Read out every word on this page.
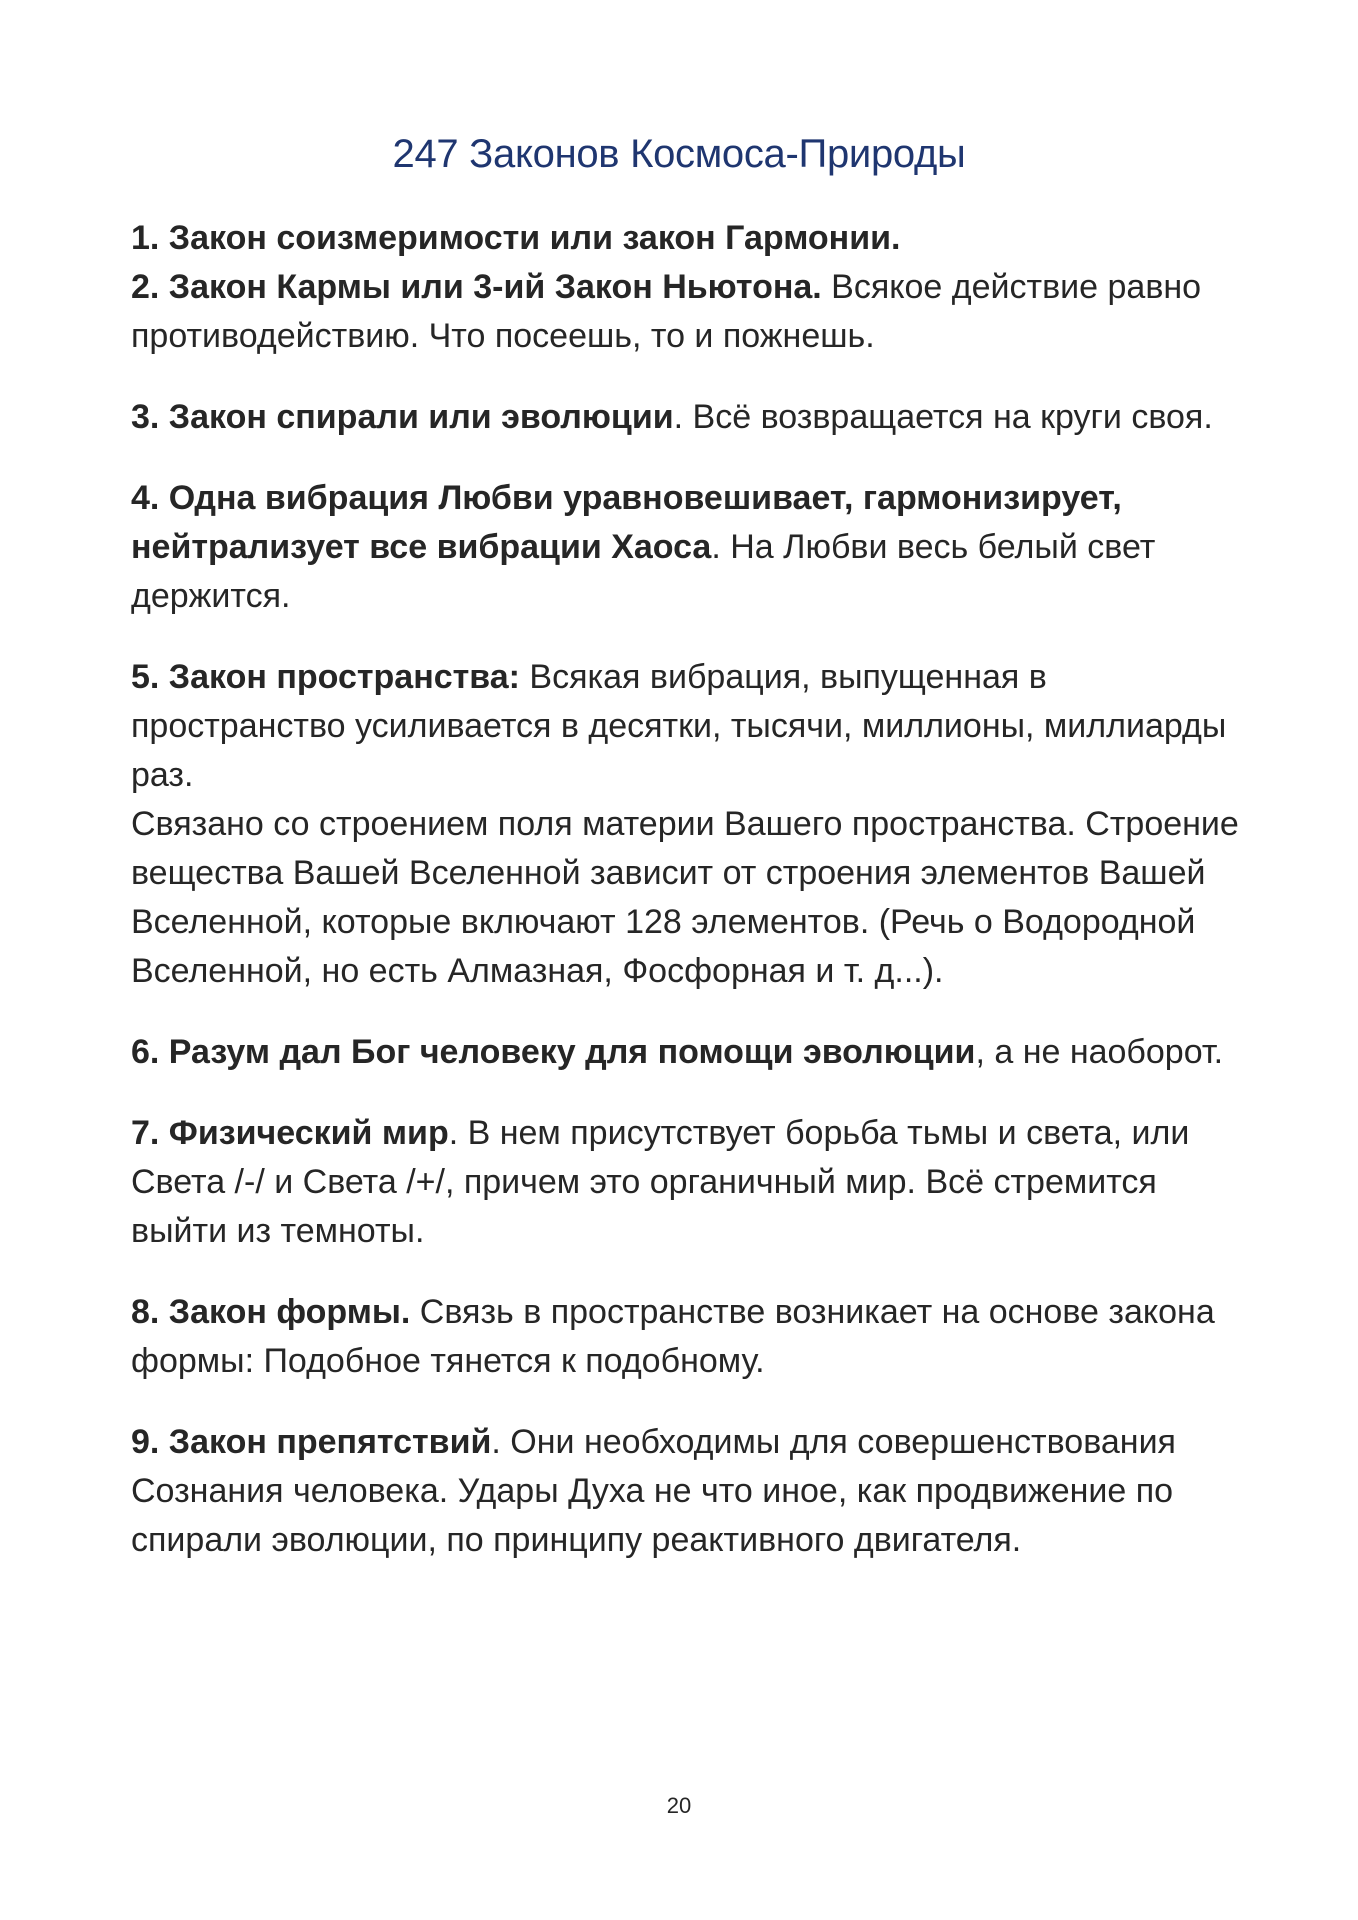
247 Законов Космоса-Природы
1. Закон соизмеримости или закон Гармонии.
2. Закон Кармы или 3-ий Закон Ньютона. Всякое действие равно противодействию. Что посеешь, то и пожнешь.
3. Закон спирали или эволюции. Всё возвращается на круги своя.
4. Одна вибрация Любви уравновешивает, гармонизирует, нейтрализует все вибрации Хаоса. На Любви весь белый свет держится.

5. Закон пространства: Всякая вибрация, выпущенная в пространство усиливается в десятки, тысячи, миллионы, миллиарды раз.

Связано со строением поля материи Вашего пространства. Строение вещества Вашей Вселенной зависит от строения элементов Вашей Вселенной, которые включают 128 элементов. (Речь о Водородной Вселенной, но есть Алмазная, Фосфорная и т. д...).

6. Разум дал Бог человеку для помощи эволюции, а не наоборот.
7. Физический мир. В нем присутствует борьба тьмы и света, или Света /-/ и Света /+/, причем это органичный мир. Всё стремится выйти из темноты.
8. Закон формы. Связь в пространстве возникает на основе закона формы: Подобное тянется к подобному.
9. Закон препятствий. Они необходимы для совершенствования Сознания человека. Удары Духа не что иное, как продвижение по спирали эволюции, по принципу реактивного двигателя.
20
